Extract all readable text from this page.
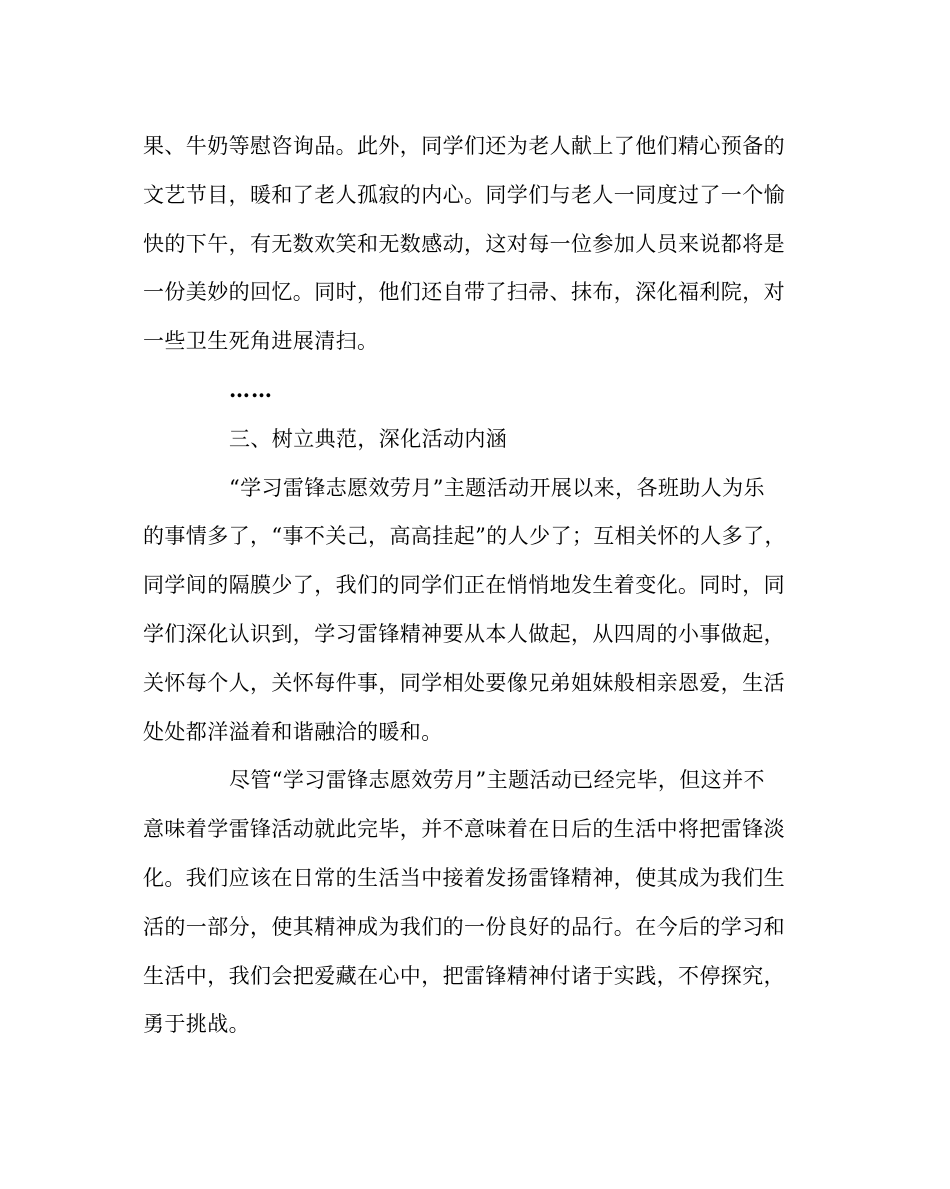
果、牛奶等慰咨询品。此外，同学们还为老人献上了他们精心预备的
文艺节目，暖和了老人孤寂的内心。同学们与老人一同度过了一个愉
快的下午，有无数欢笑和无数感动，这对每一位参加人员来说都将是
一份美妙的回忆。同时，他们还自带了扫帚、抹布，深化福利院，对
一些卫生死角进展清扫。
……
三、树立典范，深化活动内涵
“学习雷锋志愿效劳月”主题活动开展以来，各班助人为乐
的事情多了，“事不关己，高高挂起”的人少了；互相关怀的人多了，
同学间的隔膜少了，我们的同学们正在悄悄地发生着变化。同时，同
学们深化认识到，学习雷锋精神要从本人做起，从四周的小事做起，
关怀每个人，关怀每件事，同学相处要像兄弟姐妹般相亲恩爱，生活
处处都洋溢着和谐融洽的暖和。
尽管“学习雷锋志愿效劳月”主题活动已经完毕，但这并不
意味着学雷锋活动就此完毕，并不意味着在日后的生活中将把雷锋淡
化。我们应该在日常的生活当中接着发扬雷锋精神，使其成为我们生
活的一部分，使其精神成为我们的一份良好的品行。在今后的学习和
生活中，我们会把爱藏在心中，把雷锋精神付诸于实践，不停探究，
勇于挑战。
